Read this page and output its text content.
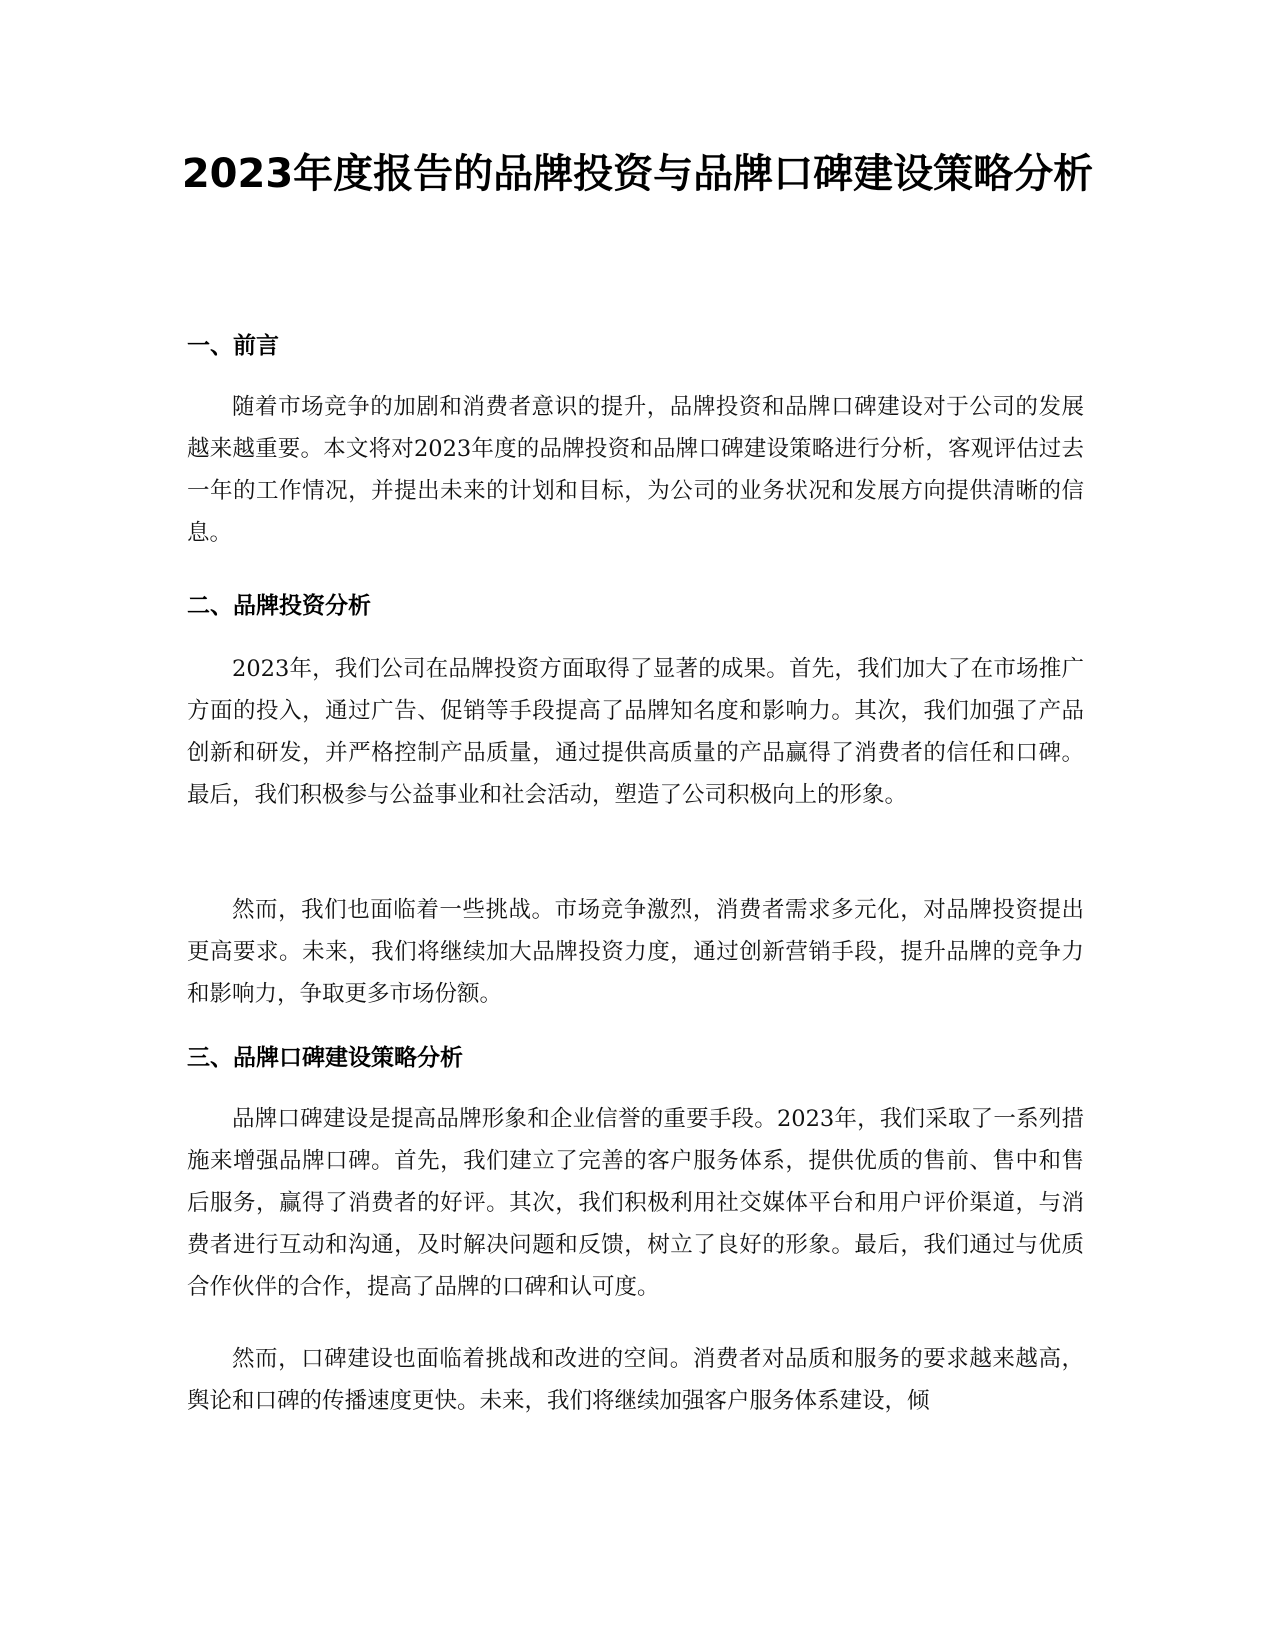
2023年度报告的品牌投资与品牌口碑建设策略分析
一、前言

随着市场竞争的加剧和消费者意识的提升，品牌投资和品牌口碑建设对于公司的发展越来越重要。本文将对2023年度的品牌投资和品牌口碑建设策略进行分析，客观评估过去一年的工作情况，并提出未来的计划和目标，为公司的业务状况和发展方向提供清晰的信息。

二、品牌投资分析

2023年，我们公司在品牌投资方面取得了显著的成果。首先，我们加大了在市场推广方面的投入，通过广告、促销等手段提高了品牌知名度和影响力。其次，我们加强了产品创新和研发，并严格控制产品质量，通过提供高质量的产品赢得了消费者的信任和口碑。最后，我们积极参与公益事业和社会活动，塑造了公司积极向上的形象。

然而，我们也面临着一些挑战。市场竞争激烈，消费者需求多元化，对品牌投资提出更高要求。未来，我们将继续加大品牌投资力度，通过创新营销手段，提升品牌的竞争力和影响力，争取更多市场份额。

三、品牌口碑建设策略分析

品牌口碑建设是提高品牌形象和企业信誉的重要手段。2023年，我们采取了一系列措施来增强品牌口碑。首先，我们建立了完善的客户服务体系，提供优质的售前、售中和售后服务，赢得了消费者的好评。其次，我们积极利用社交媒体平台和用户评价渠道，与消费者进行互动和沟通，及时解决问题和反馈，树立了良好的形象。最后，我们通过与优质合作伙伴的合作，提高了品牌的口碑和认可度。

然而，口碑建设也面临着挑战和改进的空间。消费者对品质和服务的要求越来越高，舆论和口碑的传播速度更快。未来，我们将继续加强客户服务体系建设，倾
